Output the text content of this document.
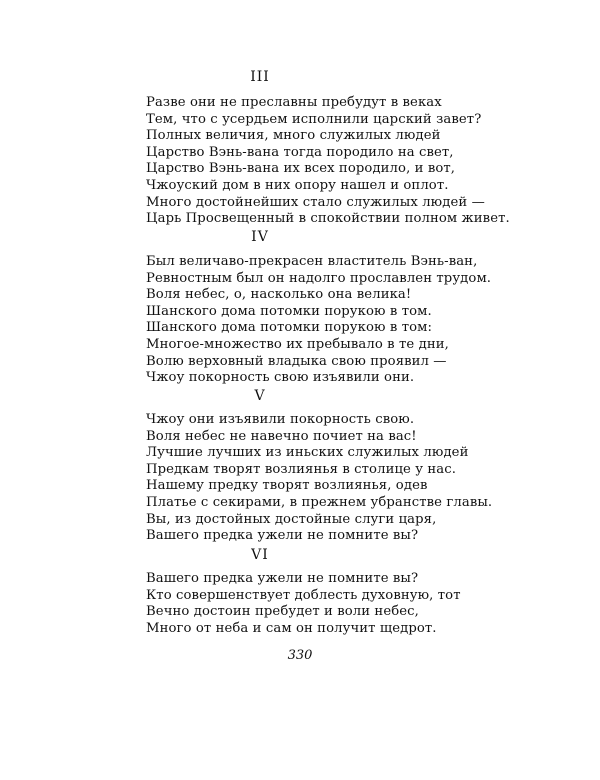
III
Разве они не преславны пребудут в веках
Тем, что с усердьем исполнили царский завет?
Полных величия, много служилых людей
Царство Вэнь-вана тогда породило на свет,
Царство Вэнь-вана их всех породило, и вот,
Чжоуский дом в них опору нашел и оплот.
Много достойнейших стало служилых людей —
Царь Просвещенный в спокойствии полном живет.
IV
Был величаво-прекрасен властитель Вэнь-ван,
Ревностным был он надолго прославлен трудом.
Воля небес, о, насколько она велика!
Шанского дома потомки порукою в том.
Шанского дома потомки порукою в том:
Многое-множество их пребывало в те дни,
Волю верховный владыка свою проявил —
Чжоу покорность свою изъявили они.
V
Чжоу они изъявили покорность свою.
Воля небес не навечно почиет на вас!
Лучшие лучших из иньских служилых людей
Предкам творят возлиянья в столице у нас.
Нашему предку творят возлиянья, одев
Платье с секирами, в прежнем убранстве главы.
Вы, из достойных достойные слуги царя,
Вашего предка ужели не помните вы?
VI
Вашего предка ужели не помните вы?
Кто совершенствует доблесть духовную, тот
Вечно достоин пребудет и воли небес,
Много от неба и сам он получит щедрот.
330
